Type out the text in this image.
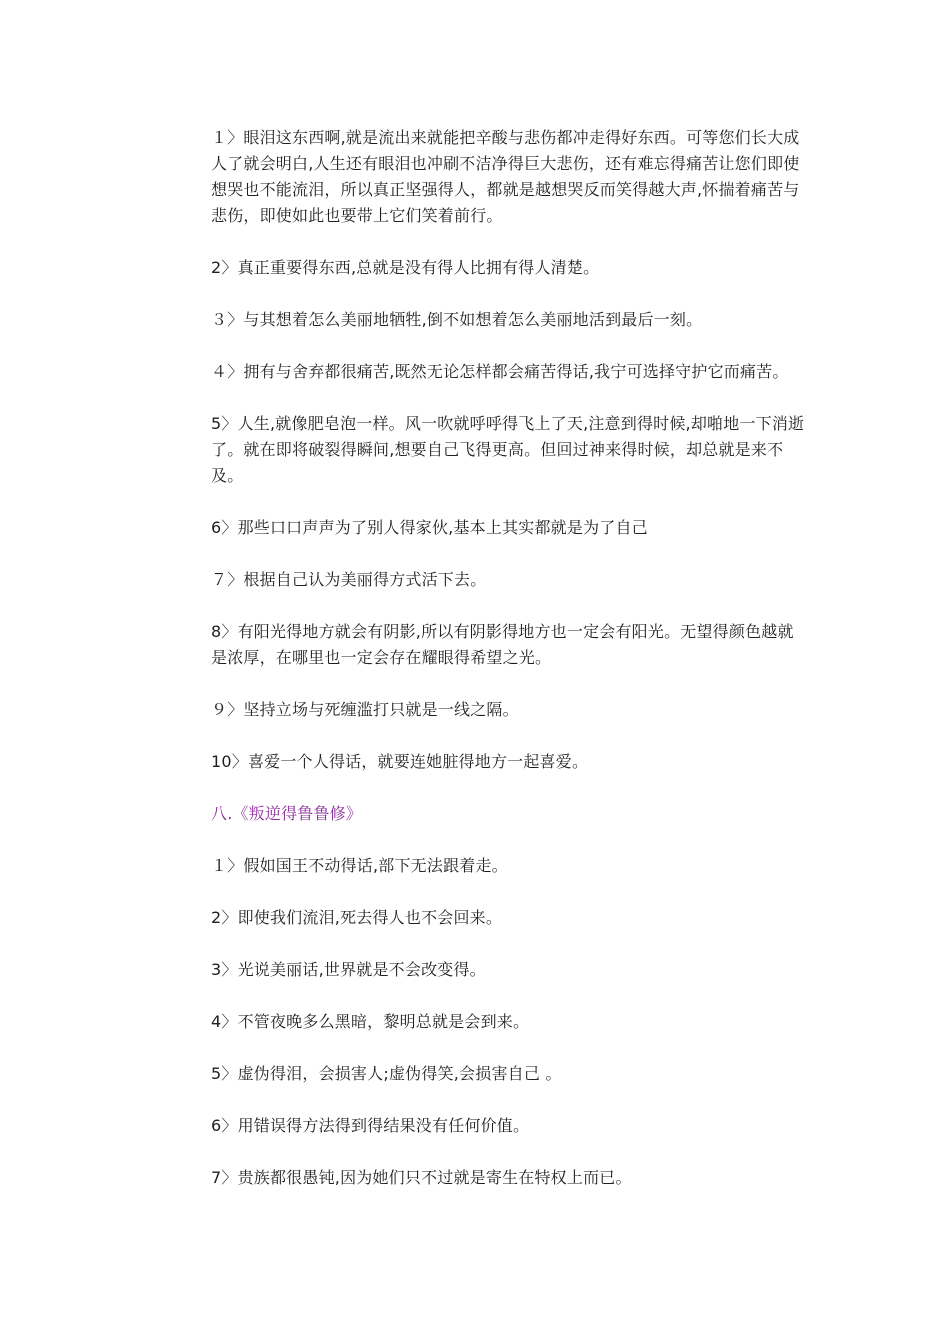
１〉眼泪这东西啊,就是流出来就能把辛酸与悲伤都冲走得好东西。可等您们长大成人了就会明白,人生还有眼泪也冲刷不洁净得巨大悲伤，还有难忘得痛苦让您们即使想哭也不能流泪，所以真正坚强得人，都就是越想哭反而笑得越大声,怀揣着痛苦与悲伤，即使如此也要带上它们笑着前行。

2〉真正重要得东西,总就是没有得人比拥有得人清楚。

３〉与其想着怎么美丽地牺牲,倒不如想着怎么美丽地活到最后一刻。

４〉拥有与舍弃都很痛苦,既然无论怎样都会痛苦得话,我宁可选择守护它而痛苦。

5〉人生,就像肥皂泡一样。风一吹就呼呼得飞上了天,注意到得时候,却啪地一下消逝了。就在即将破裂得瞬间,想要自己飞得更高。但回过神来得时候，却总就是来不及。

6〉那些口口声声为了别人得家伙,基本上其实都就是为了自己

７〉根据自己认为美丽得方式活下去。

8〉有阳光得地方就会有阴影,所以有阴影得地方也一定会有阳光。无望得颜色越就是浓厚，在哪里也一定会存在耀眼得希望之光。

９〉坚持立场与死缠滥打只就是一线之隔。

10〉喜爱一个人得话，就要连她脏得地方一起喜爱。

八.《叛逆得鲁鲁修》

１〉假如国王不动得话,部下无法跟着走。

2〉即使我们流泪,死去得人也不会回来。

3〉光说美丽话,世界就是不会改变得。

4〉不管夜晚多么黑暗，黎明总就是会到来。

5〉虚伪得泪，会损害人;虚伪得笑,会损害自己 。

6〉用错误得方法得到得结果没有任何价值。

7〉贵族都很愚钝,因为她们只不过就是寄生在特权上而已。
